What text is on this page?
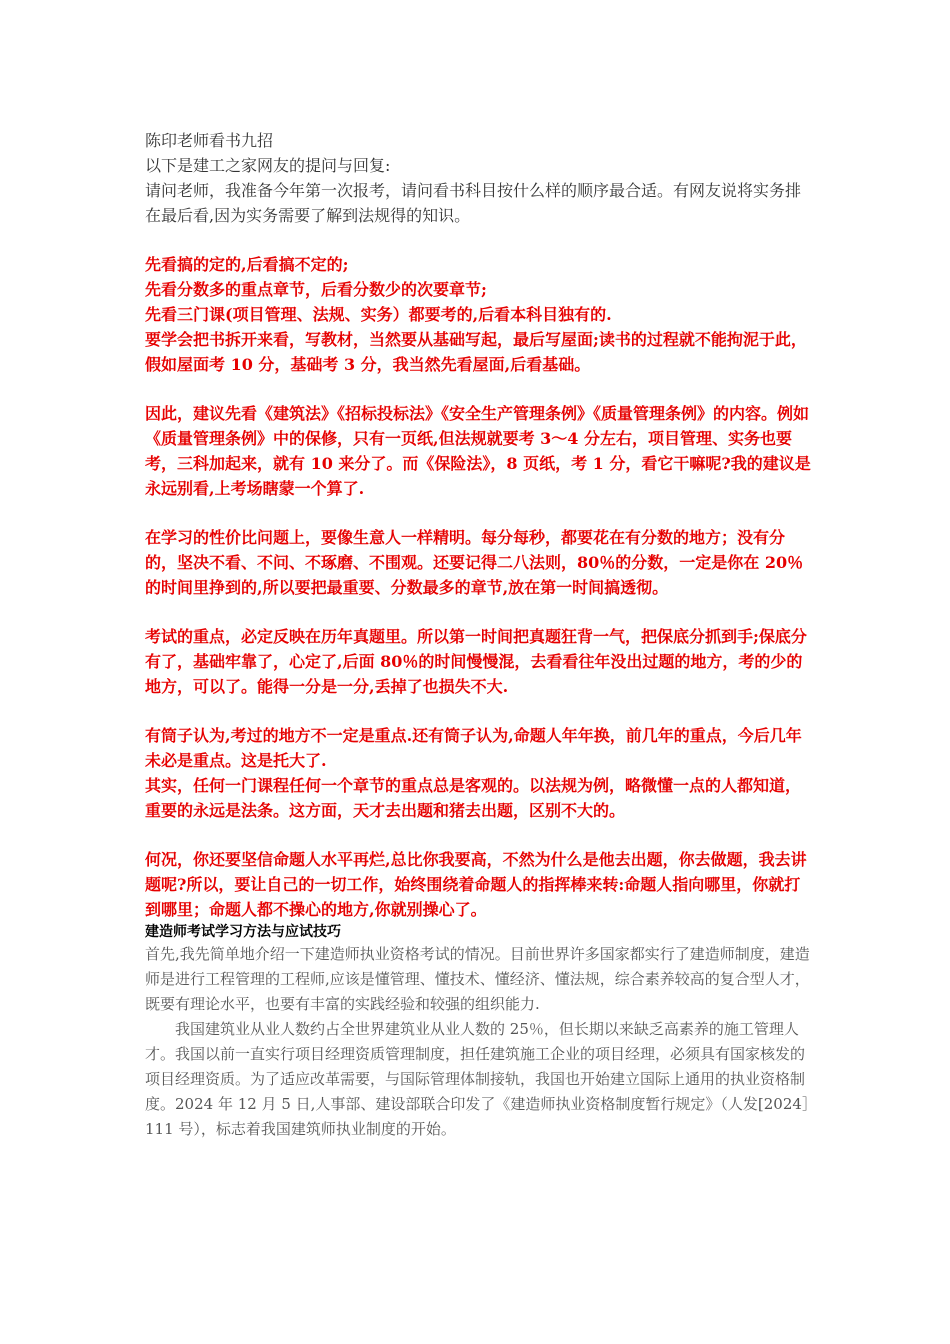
陈印老师看书九招

以下是建工之家网友的提问与回复:

请问老师，我准备今年第一次报考，请问看书科目按什么样的顺序最合适。有网友说将实务排在最后看,因为实务需要了解到法规得的知识。

先看搞的定的,后看搞不定的;

先看分数多的重点章节，后看分数少的次要章节;

先看三门课(项目管理、法规、实务）都要考的,后看本科目独有的.

要学会把书拆开来看，写教材，当然要从基础写起，最后写屋面;读书的过程就不能拘泥于此，假如屋面考 10 分，基础考 3 分，我当然先看屋面,后看基础。

因此，建议先看《建筑法》《招标投标法》《安全生产管理条例》《质量管理条例》的内容。例如《质量管理条例》中的保修，只有一页纸,但法规就要考 3～4 分左右，项目管理、实务也要考，三科加起来，就有 10 来分了。而《保险法》，8 页纸，考 1 分，看它干嘛呢?我的建议是永远别看,上考场瞎蒙一个算了.

在学习的性价比问题上，要像生意人一样精明。每分每秒，都要花在有分数的地方；没有分的，坚决不看、不问、不琢磨、不围观。还要记得二八法则，80％的分数，一定是你在 20％的时间里挣到的,所以要把最重要、分数最多的章节,放在第一时间搞透彻。

考试的重点，必定反映在历年真题里。所以第一时间把真题狂背一气，把保底分抓到手;保底分有了，基础牢靠了，心定了,后面 80％的时间慢慢混，去看看往年没出过题的地方，考的少的地方，可以了。能得一分是一分,丢掉了也损失不大.

有筒子认为,考过的地方不一定是重点.还有筒子认为,命题人年年换，前几年的重点，今后几年未必是重点。这是托大了.

其实，任何一门课程任何一个章节的重点总是客观的。以法规为例，略微懂一点的人都知道，重要的永远是法条。这方面，天才去出题和猪去出题，区别不大的。

何况，你还要坚信命题人水平再烂,总比你我要高，不然为什么是他去出题，你去做题，我去讲题呢?所以，要让自己的一切工作，始终围绕着命题人的指挥棒来转:命题人指向哪里，你就打到哪里；命题人都不操心的地方,你就别操心了。

建造师考试学习方法与应试技巧

首先,我先简单地介绍一下建造师执业资格考试的情况。目前世界许多国家都实行了建造师制度，建造师是进行工程管理的工程师,应该是懂管理、懂技术、懂经济、懂法规，综合素养较高的复合型人才，既要有理论水平，也要有丰富的实践经验和较强的组织能力.

我国建筑业从业人数约占全世界建筑业从业人数的 25％，但长期以来缺乏高素养的施工管理人才。我国以前一直实行项目经理资质管理制度，担任建筑施工企业的项目经理，必须具有国家核发的项目经理资质。为了适应改革需要，与国际管理体制接轨，我国也开始建立国际上通用的执业资格制度。2024 年 12 月 5 日,人事部、建设部联合印发了《建造师执业资格制度暂行规定》（人发[2024］111 号），标志着我国建筑师执业制度的开始。
